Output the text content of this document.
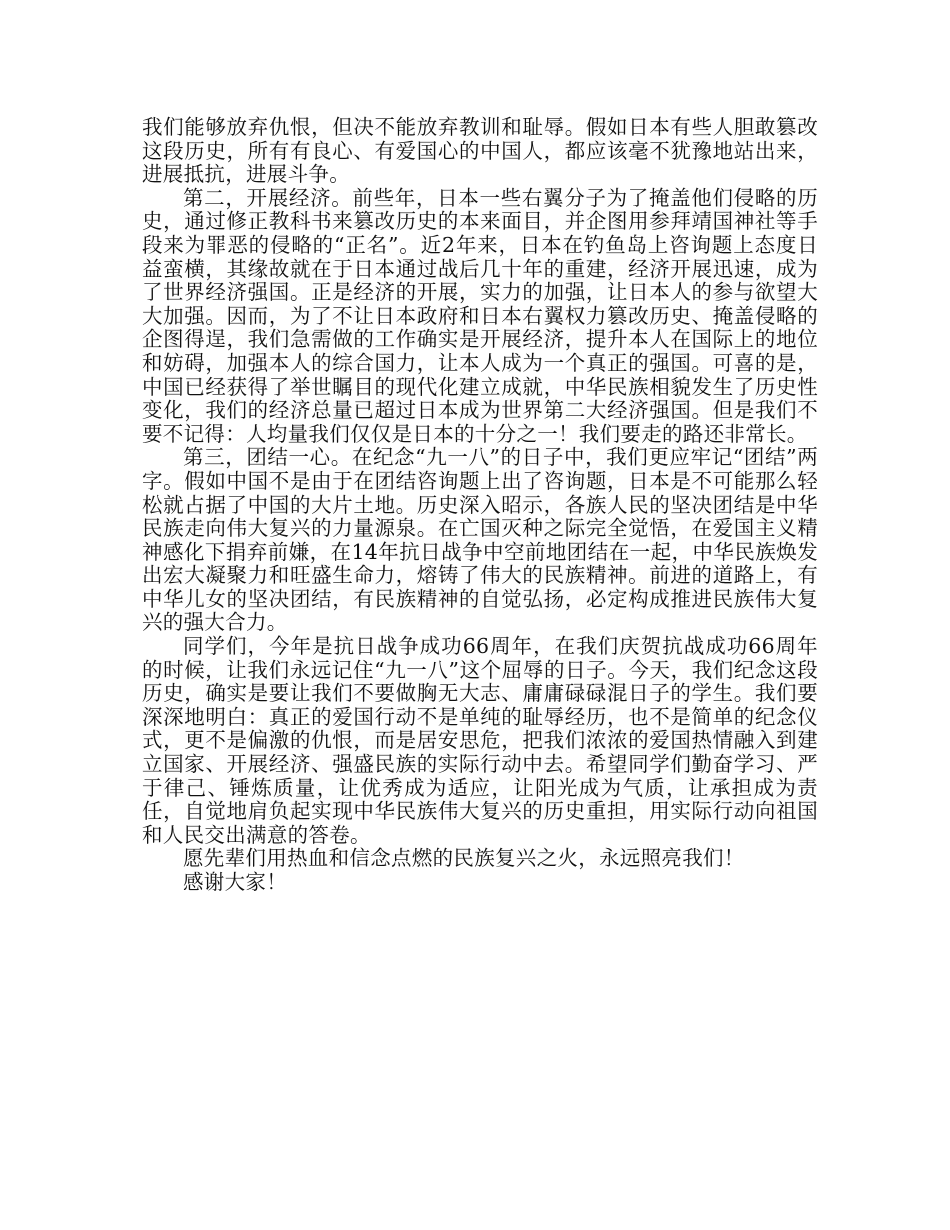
我们能够放弃仇恨，但决不能放弃教训和耻辱。假如日本有些人胆敢篡改这段历史，所有有良心、有爱国心的中国人，都应该毫不犹豫地站出来，进展抵抗，进展斗争。

第二，开展经济。前些年，日本一些右翼分子为了掩盖他们侵略的历史，通过修正教科书来篡改历史的本来面目，并企图用参拜靖国神社等手段来为罪恶的侵略的“正名”。近2年来，日本在钓鱼岛上咨询题上态度日益蛮横，其缘故就在于日本通过战后几十年的重建，经济开展迅速，成为了世界经济强国。正是经济的开展，实力的加强，让日本人的参与欲望大大加强。因而，为了不让日本政府和日本右翼权力篡改历史、掩盖侵略的企图得逞，我们急需做的工作确实是开展经济，提升本人在国际上的地位和妨碍，加强本人的综合国力，让本人成为一个真正的强国。可喜的是，中国已经获得了举世瞩目的现代化建立成就，中华民族相貌发生了历史性变化，我们的经济总量已超过日本成为世界第二大经济强国。但是我们不要不记得：人均量我们仅仅是日本的十分之一！我们要走的路还非常长。

第三，团结一心。在纪念“九一八”的日子中，我们更应牢记“团结”两字。假如中国不是由于在团结咨询题上出了咨询题，日本是不可能那么轻松就占据了中国的大片土地。历史深入昭示，各族人民的坚决团结是中华民族走向伟大复兴的力量源泉。在亡国灭种之际完全觉悟，在爱国主义精神感化下捐弃前嫌，在14年抗日战争中空前地团结在一起，中华民族焕发出宏大凝聚力和旺盛生命力，熔铸了伟大的民族精神。前进的道路上，有中华儿女的坚决团结，有民族精神的自觉弘扬，必定构成推进民族伟大复兴的强大合力。

同学们，今年是抗日战争成功66周年，在我们庆贺抗战成功66周年的时候，让我们永远记住“九一八”这个屈辱的日子。今天，我们纪念这段历史，确实是要让我们不要做胸无大志、庸庸碌碌混日子的学生。我们要深深地明白：真正的爱国行动不是单纯的耻辱经历，也不是简单的纪念仪式，更不是偏激的仇恨，而是居安思危，把我们浓浓的爱国热情融入到建立国家、开展经济、强盛民族的实际行动中去。希望同学们勤奋学习、严于律己、锤炼质量，让优秀成为适应，让阳光成为气质，让承担成为责任，自觉地肩负起实现中华民族伟大复兴的历史重担，用实际行动向祖国和人民交出满意的答卷。

愿先辈们用热血和信念点燃的民族复兴之火，永远照亮我们！

感谢大家！
